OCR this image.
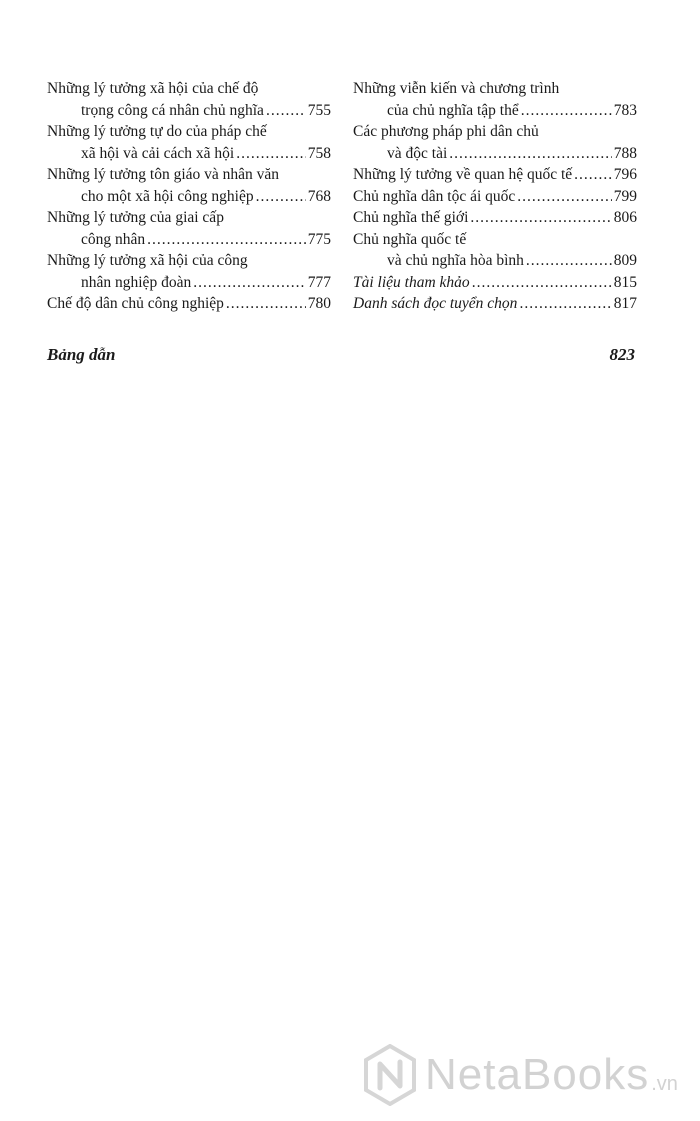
Những lý tưởng xã hội của chế độ
trọng công cá nhân chủ nghĩa .....	755
Những lý tưởng tự do của pháp chế
xã hội và cải cách xã hội .....	758
Những lý tưởng tôn giáo và nhân văn
cho một xã hội công nghiệp .....	768
Những lý tưởng của giai cấp
công nhân .....	775
Những lý tưởng xã hội của công
nhân nghiệp đoàn .....	777
Chế độ dân chủ công nghiệp .....	780
Những viễn kiến và chương trình
của chủ nghĩa tập thể .....	783
Các phương pháp phi dân chủ
và độc tài .....	788
Những lý tưởng về quan hệ quốc tế .....	796
Chủ nghĩa dân tộc ái quốc .....	799
Chủ nghĩa thế giới .....	806
Chủ nghĩa quốc tế
và chủ nghĩa hòa bình .....	809
Tài liệu tham khảo .....	815
Danh sách đọc tuyển chọn .....	817
Bảng dẫn	823
NetaBooks .vn
